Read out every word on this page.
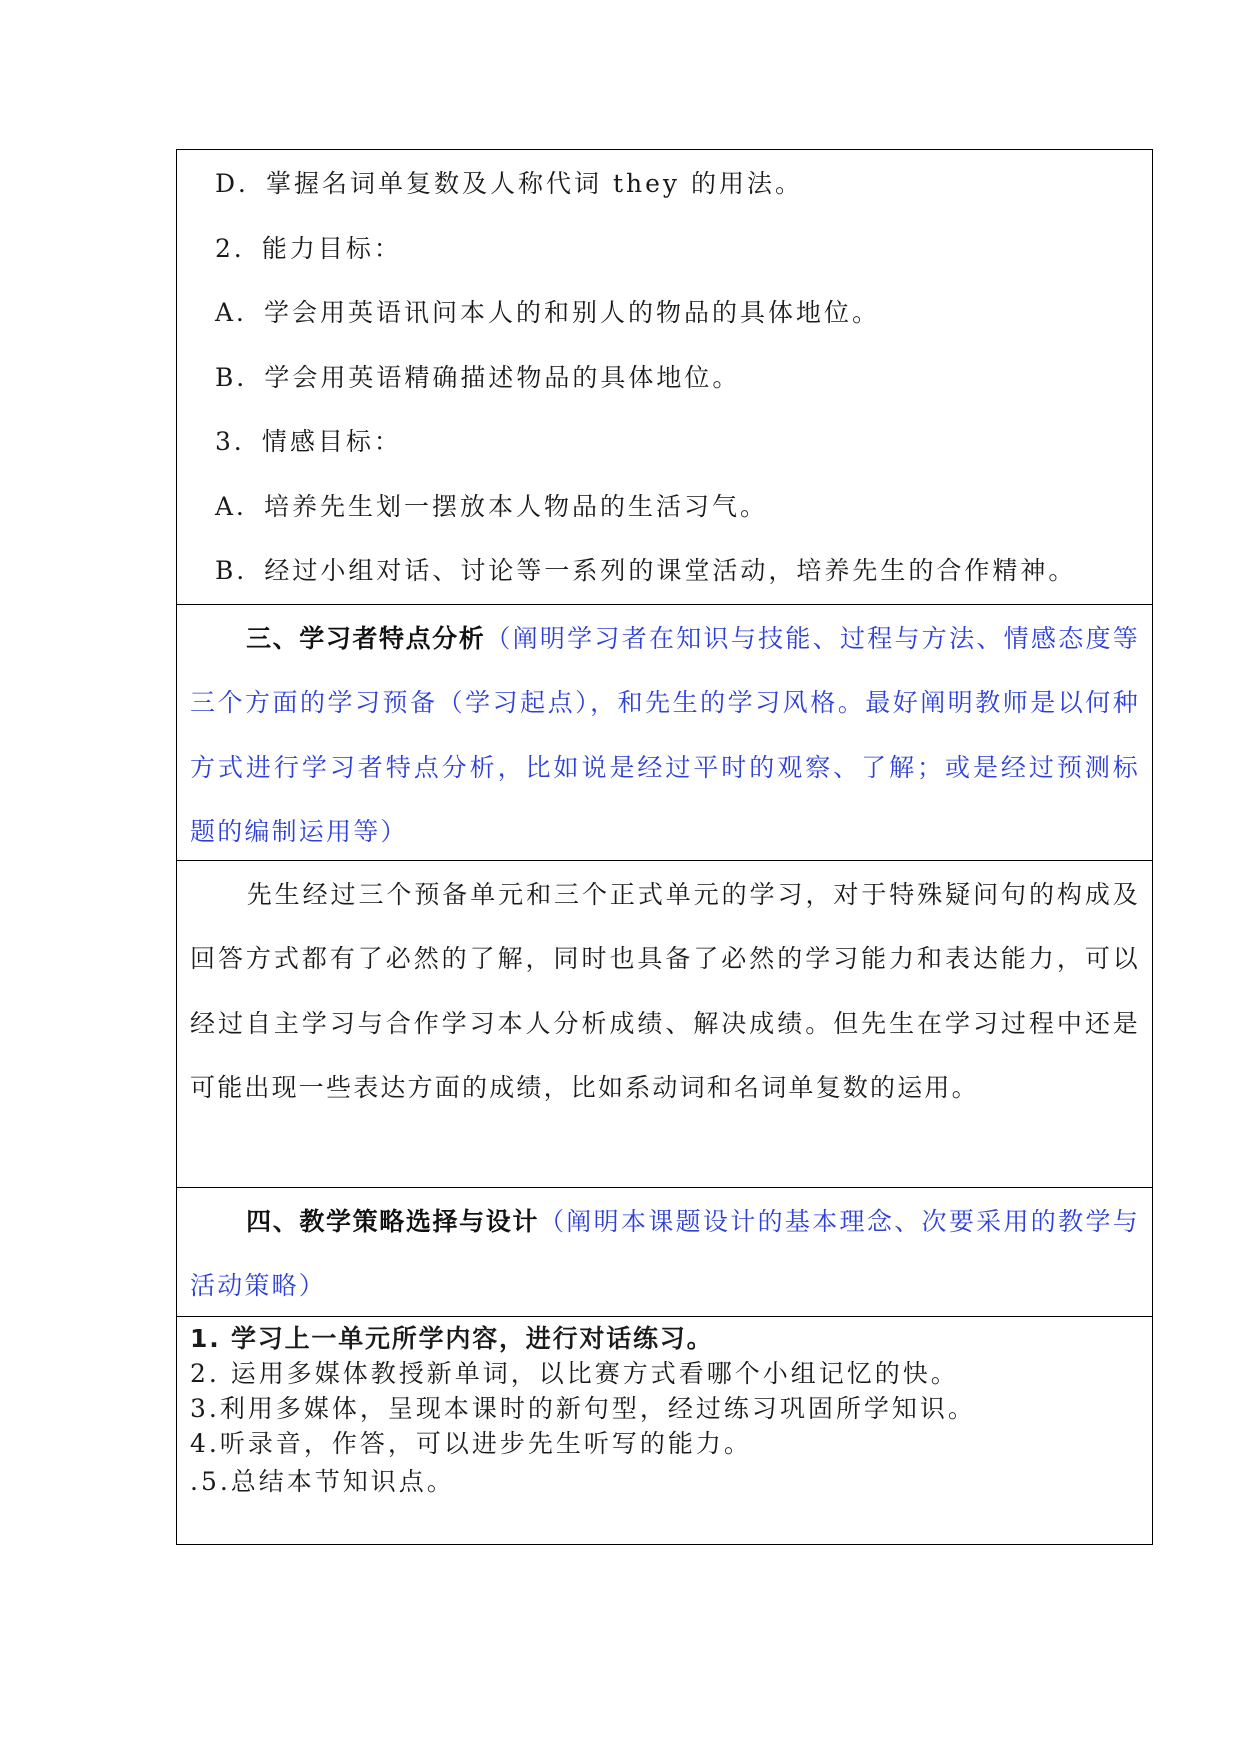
D．掌握名词单复数及人称代词 they 的用法。
2．能力目标：
A．学会用英语讯问本人的和别人的物品的具体地位。
B．学会用英语精确描述物品的具体地位。
3．情感目标：
A．培养先生划一摆放本人物品的生活习气。
B．经过小组对话、讨论等一系列的课堂活动，培养先生的合作精神。
三、学习者特点分析（阐明学习者在知识与技能、过程与方法、情感态度等三个方面的学习预备（学习起点），和先生的学习风格。最好阐明教师是以何种方式进行学习者特点分析，比如说是经过平时的观察、了解；或是经过预测标题的编制运用等）
先生经过三个预备单元和三个正式单元的学习，对于特殊疑问句的构成及回答方式都有了必然的了解，同时也具备了必然的学习能力和表达能力，可以经过自主学习与合作学习本人分析成绩、解决成绩。但先生在学习过程中还是可能出现一些表达方面的成绩，比如系动词和名词单复数的运用。
四、教学策略选择与设计（阐明本课题设计的基本理念、次要采用的教学与活动策略）
1. 学习上一单元所学内容，进行对话练习。
2. 运用多媒体教授新单词，以比赛方式看哪个小组记忆的快。
3.利用多媒体，呈现本课时的新句型，经过练习巩固所学知识。
4.听录音，作答，可以进步先生听写的能力。
.5.总结本节知识点。
